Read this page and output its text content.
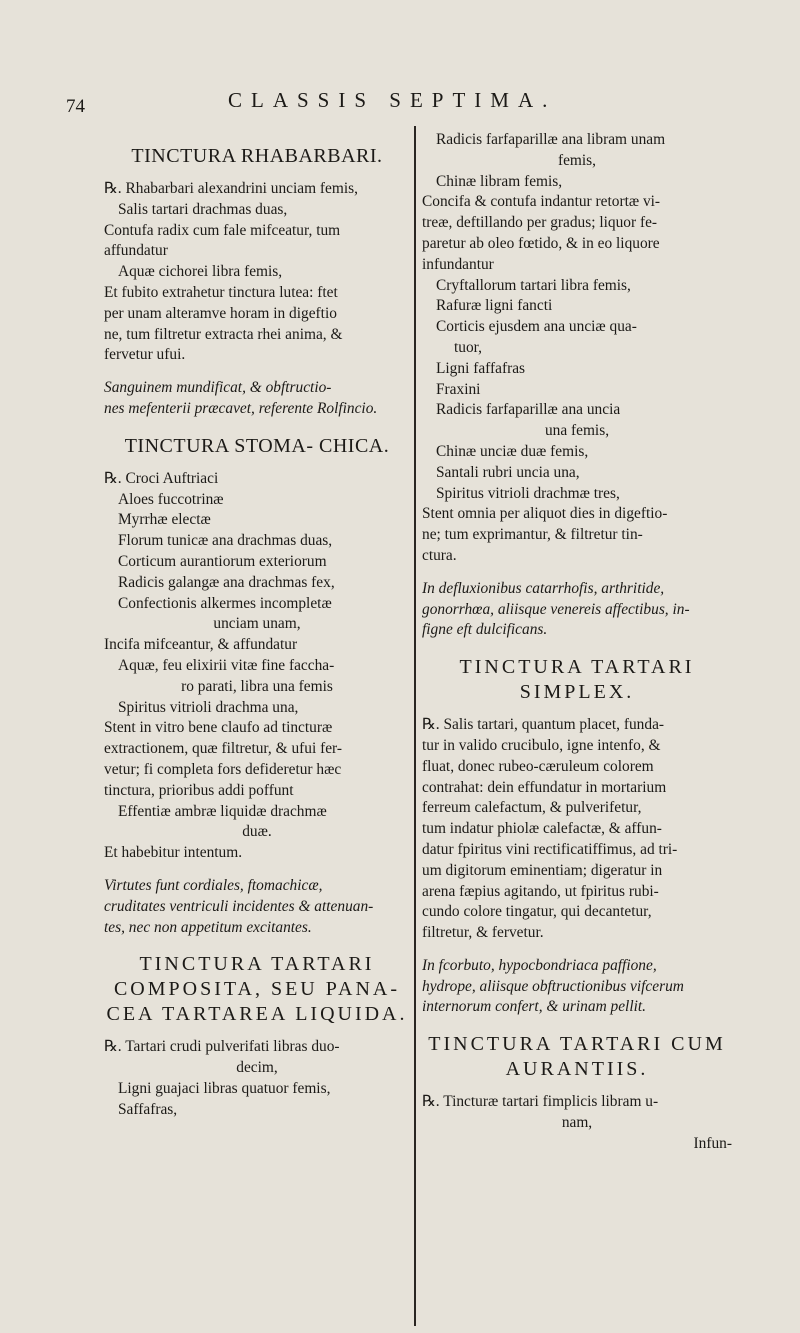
74	CLASSIS SEPTIMA.
TINCTURA RHABARBARI.
℞. Rhabarbari alexandrini unciam femis,
Salis tartari drachmas duas,
Contufa radix cum fale mifceatur, tum
affundatur
Aquæ cichorei libra femis,
Et fubito extrahetur tinctura lutea: ftet
per unam alteramve horam in digeftio
ne, tum filtretur extracta rhei anima, &
fervetur ufui.
Sanguinem mundificat, & obftructio-
nes mefenterii præcavet, referente Rolfincio.
TINCTURA STOMA- CHICA.
℞. Croci Auftriaci
Aloes fuccotrinæ
Myrrhæ electæ
Florum tunicæ ana drachmas duas,
Corticum aurantiorum exteriorum
Radicis galangæ ana drachmas fex,
Confectionis alkermes incompletæ
unciam unam,
Incifa mifceantur, & affundatur
Aquæ, feu elixirii vitæ fine faccha-
ro parati, libra una femis
Spiritus vitrioli drachma una,
Stent in vitro bene claufo ad tincturæ
extractionem, quæ filtretur, & ufui fer-
vetur; fi completa fors defideretur hæc
tinctura, prioribus addi poffunt
Effentiæ ambræ liquidæ drachmæ
duæ.
Et habebitur intentum.
Virtutes funt cordiales, ftomachicæ,
cruditates ventriculi incidentes & attenuan-
tes, nec non appetitum excitantes.
TINCTURA TARTARI COMPOSITA, SEU PANA- CEA TARTAREA LIQUIDA.
℞. Tartari crudi pulverifati libras duo-
decim,
Ligni guajaci libras quatuor femis,
Saffafras,
Radicis farfaparillæ ana libram unam
femis,
Chinæ libram femis,
Concifa & contufa indantur retortæ vi-
treæ, deftillando per gradus; liquor fe-
paretur ab oleo fœtido, & in eo liquore
infundantur
Cryftallorum tartari libra femis,
Rafuræ ligni fancti
Corticis ejusdem ana unciæ qua-
tuor,
Ligni faffafras
Fraxini
Radicis farfaparillæ ana uncia
una femis,
Chinæ unciæ duæ femis,
Santali rubri uncia una,
Spiritus vitrioli drachmæ tres,
Stent omnia per aliquot dies in digeftio-
ne; tum exprimantur, & filtretur tin-
ctura.
In defluxionibus catarrhofis, arthritide,
gonorrhœa, aliisque venereis affectibus, in-
figne eft dulcificans.
TINCTURA TARTARI SIMPLEX.
℞. Salis tartari, quantum placet, funda-
tur in valido crucibulo, igne intenfo, &
fluat, donec rubeo-cæruleum colorem
contrahat: dein effundatur in mortarium
ferreum calefactum, & pulverifetur,
tum indatur phiolæ calefactæ, & affun-
datur fpiritus vini rectificatiffimus, ad tri-
um digitorum eminentiam; digeratur in
arena fæpius agitando, ut fpiritus rubi-
cundo colore tingatur, qui decantetur,
filtretur, & fervetur.
In fcorbuto, hypocbondriaca paffione,
hydrope, aliisque obftructionibus vifcerum
internorum confert, & urinam pellit.
TINCTURA TARTARI CUM AURANTIIS.
℞. Tincturæ tartari fimplicis libram u-
nam,
Infun-
